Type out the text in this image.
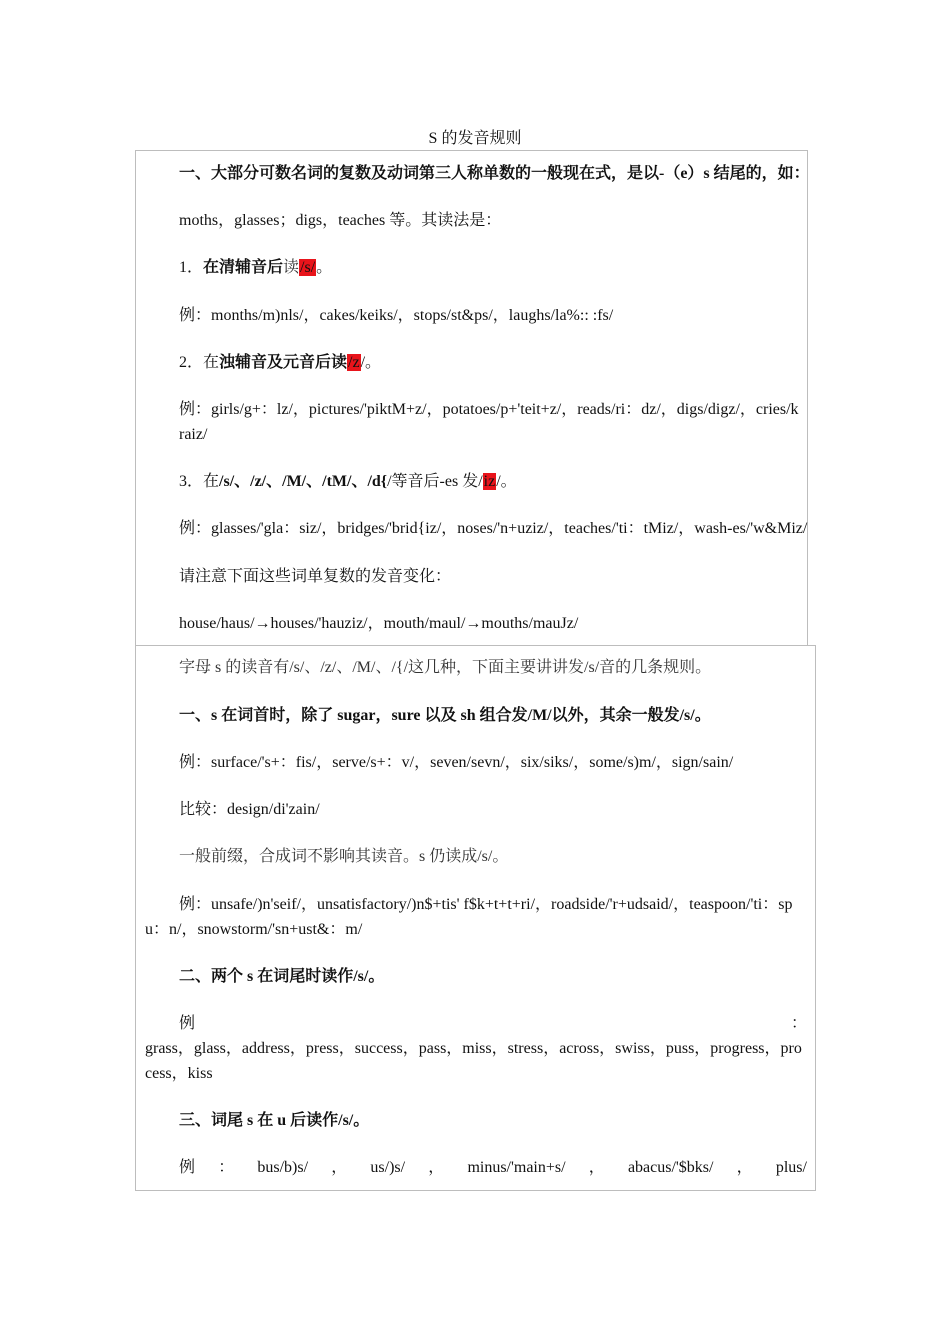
S 的发音规则
一、大部分可数名词的复数及动词第三人称单数的一般现在式，是以-（e）s 结尾的，如：
moths，glasses；digs，teaches 等。其读法是：
1．在清辅音后读/s/。
例：months/m)nls/，cakes/keiks/，stops/st&ps/，laughs/la%:: :fs/
2．在浊辅音及元音后读/z/。
例：girls/g+：lz/，pictures/'piktM+z/，potatoes/p+'teit+z/，reads/ri：dz/，digs/digz/，cries/kraiz/
3．在/s/、/z/、/M/、/tM/、/d{/等音后-es 发/iz/。
例：glasses/'gla：siz/，bridges/'brid{iz/，noses/'n+uziz/，teaches/'ti：tMiz/，wash-es/'w&Miz/
请注意下面这些词单复数的发音变化：
house/haus/→houses/'hauziz/，mouth/maul/→mouths/mauJz/
字母 s 的读音有/s/、/z/、/M/、/{/这几种，下面主要讲讲发/s/音的几条规则。
一、s 在词首时，除了 sugar，sure 以及 sh 组合发/M/以外，其余一般发/s/。
例：surface/'s+：fis/，serve/s+：v/，seven/sevn/，six/siks/，some/s)m/，sign/sain/
比较：design/di'zain/
一般前缀，合成词不影响其读音。s 仍读成/s/。
例：unsafe/)n'seif/，unsatisfactory/)n$+tis' f$k+t+t+ri/，roadside/'r+udsaid/，teaspoon/'ti：spu：n/，snowstorm/'sn+ust&：m/
二、两个 s 在词尾时读作/s/。
例	：
grass，glass，address，press，success，pass，miss，stress，across，swiss，puss，progress，process，kiss
三、词尾 s 在 u 后读作/s/。
例 ： bus/b)s/ ， us/)s/ ， minus/'main+s/ ， abacus/'$bks/ ， plus/
